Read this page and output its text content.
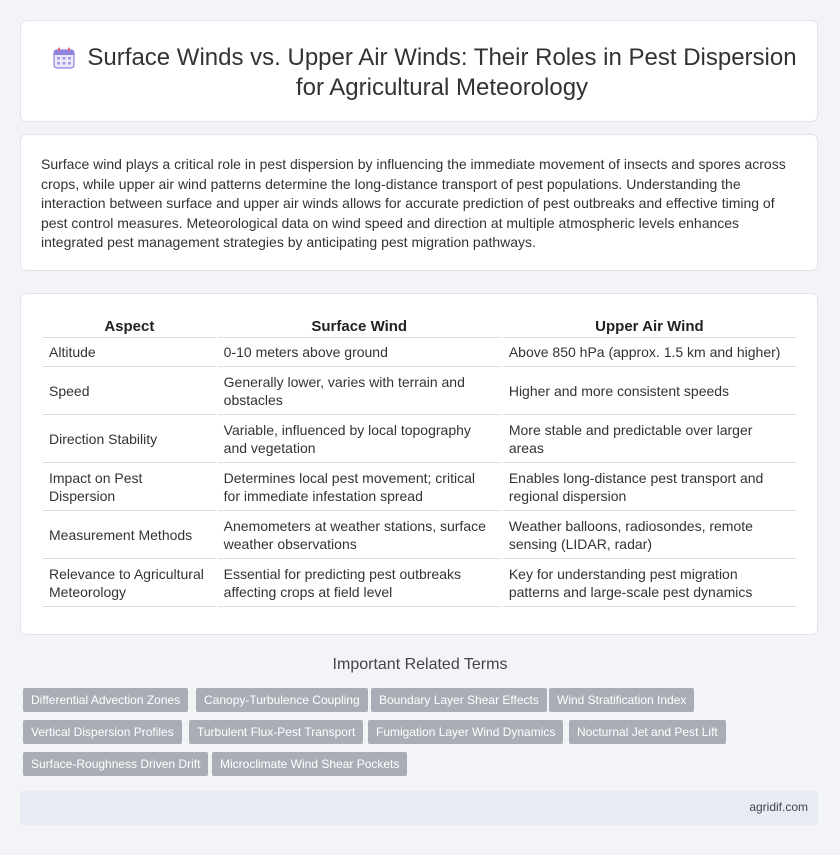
Surface Winds vs. Upper Air Winds: Their Roles in Pest Dispersion for Agricultural Meteorology

Surface wind plays a critical role in pest dispersion by influencing the immediate movement of insects and spores across crops, while upper air wind patterns determine the long-distance transport of pest populations. Understanding the interaction between surface and upper air winds allows for accurate prediction of pest outbreaks and effective timing of pest control measures. Meteorological data on wind speed and direction at multiple atmospheric levels enhances integrated pest management strategies by anticipating pest migration pathways.

Aspect	Surface Wind	Upper Air Wind
Altitude	0-10 meters above ground	Above 850 hPa (approx. 1.5 km and higher)
Speed	Generally lower, varies with terrain and obstacles	Higher and more consistent speeds
Direction Stability	Variable, influenced by local topography and vegetation	More stable and predictable over larger areas
Impact on Pest Dispersion	Determines local pest movement; critical for immediate infestation spread	Enables long-distance pest transport and regional dispersion
Measurement Methods	Anemometers at weather stations, surface weather observations	Weather balloons, radiosondes, remote sensing (LIDAR, radar)
Relevance to Agricultural Meteorology	Essential for predicting pest outbreaks affecting crops at field level	Key for understanding pest migration patterns and large-scale pest dynamics
Important Related Terms
Differential Advection Zones	Canopy-Turbulence Coupling	Boundary Layer Shear Effects	Wind Stratification Index
Vertical Dispersion Profiles	Turbulent Flux-Pest Transport	Fumigation Layer Wind Dynamics	Nocturnal Jet and Pest Lift
Surface-Roughness Driven Drift	Microclimate Wind Shear Pockets
agridif.com
